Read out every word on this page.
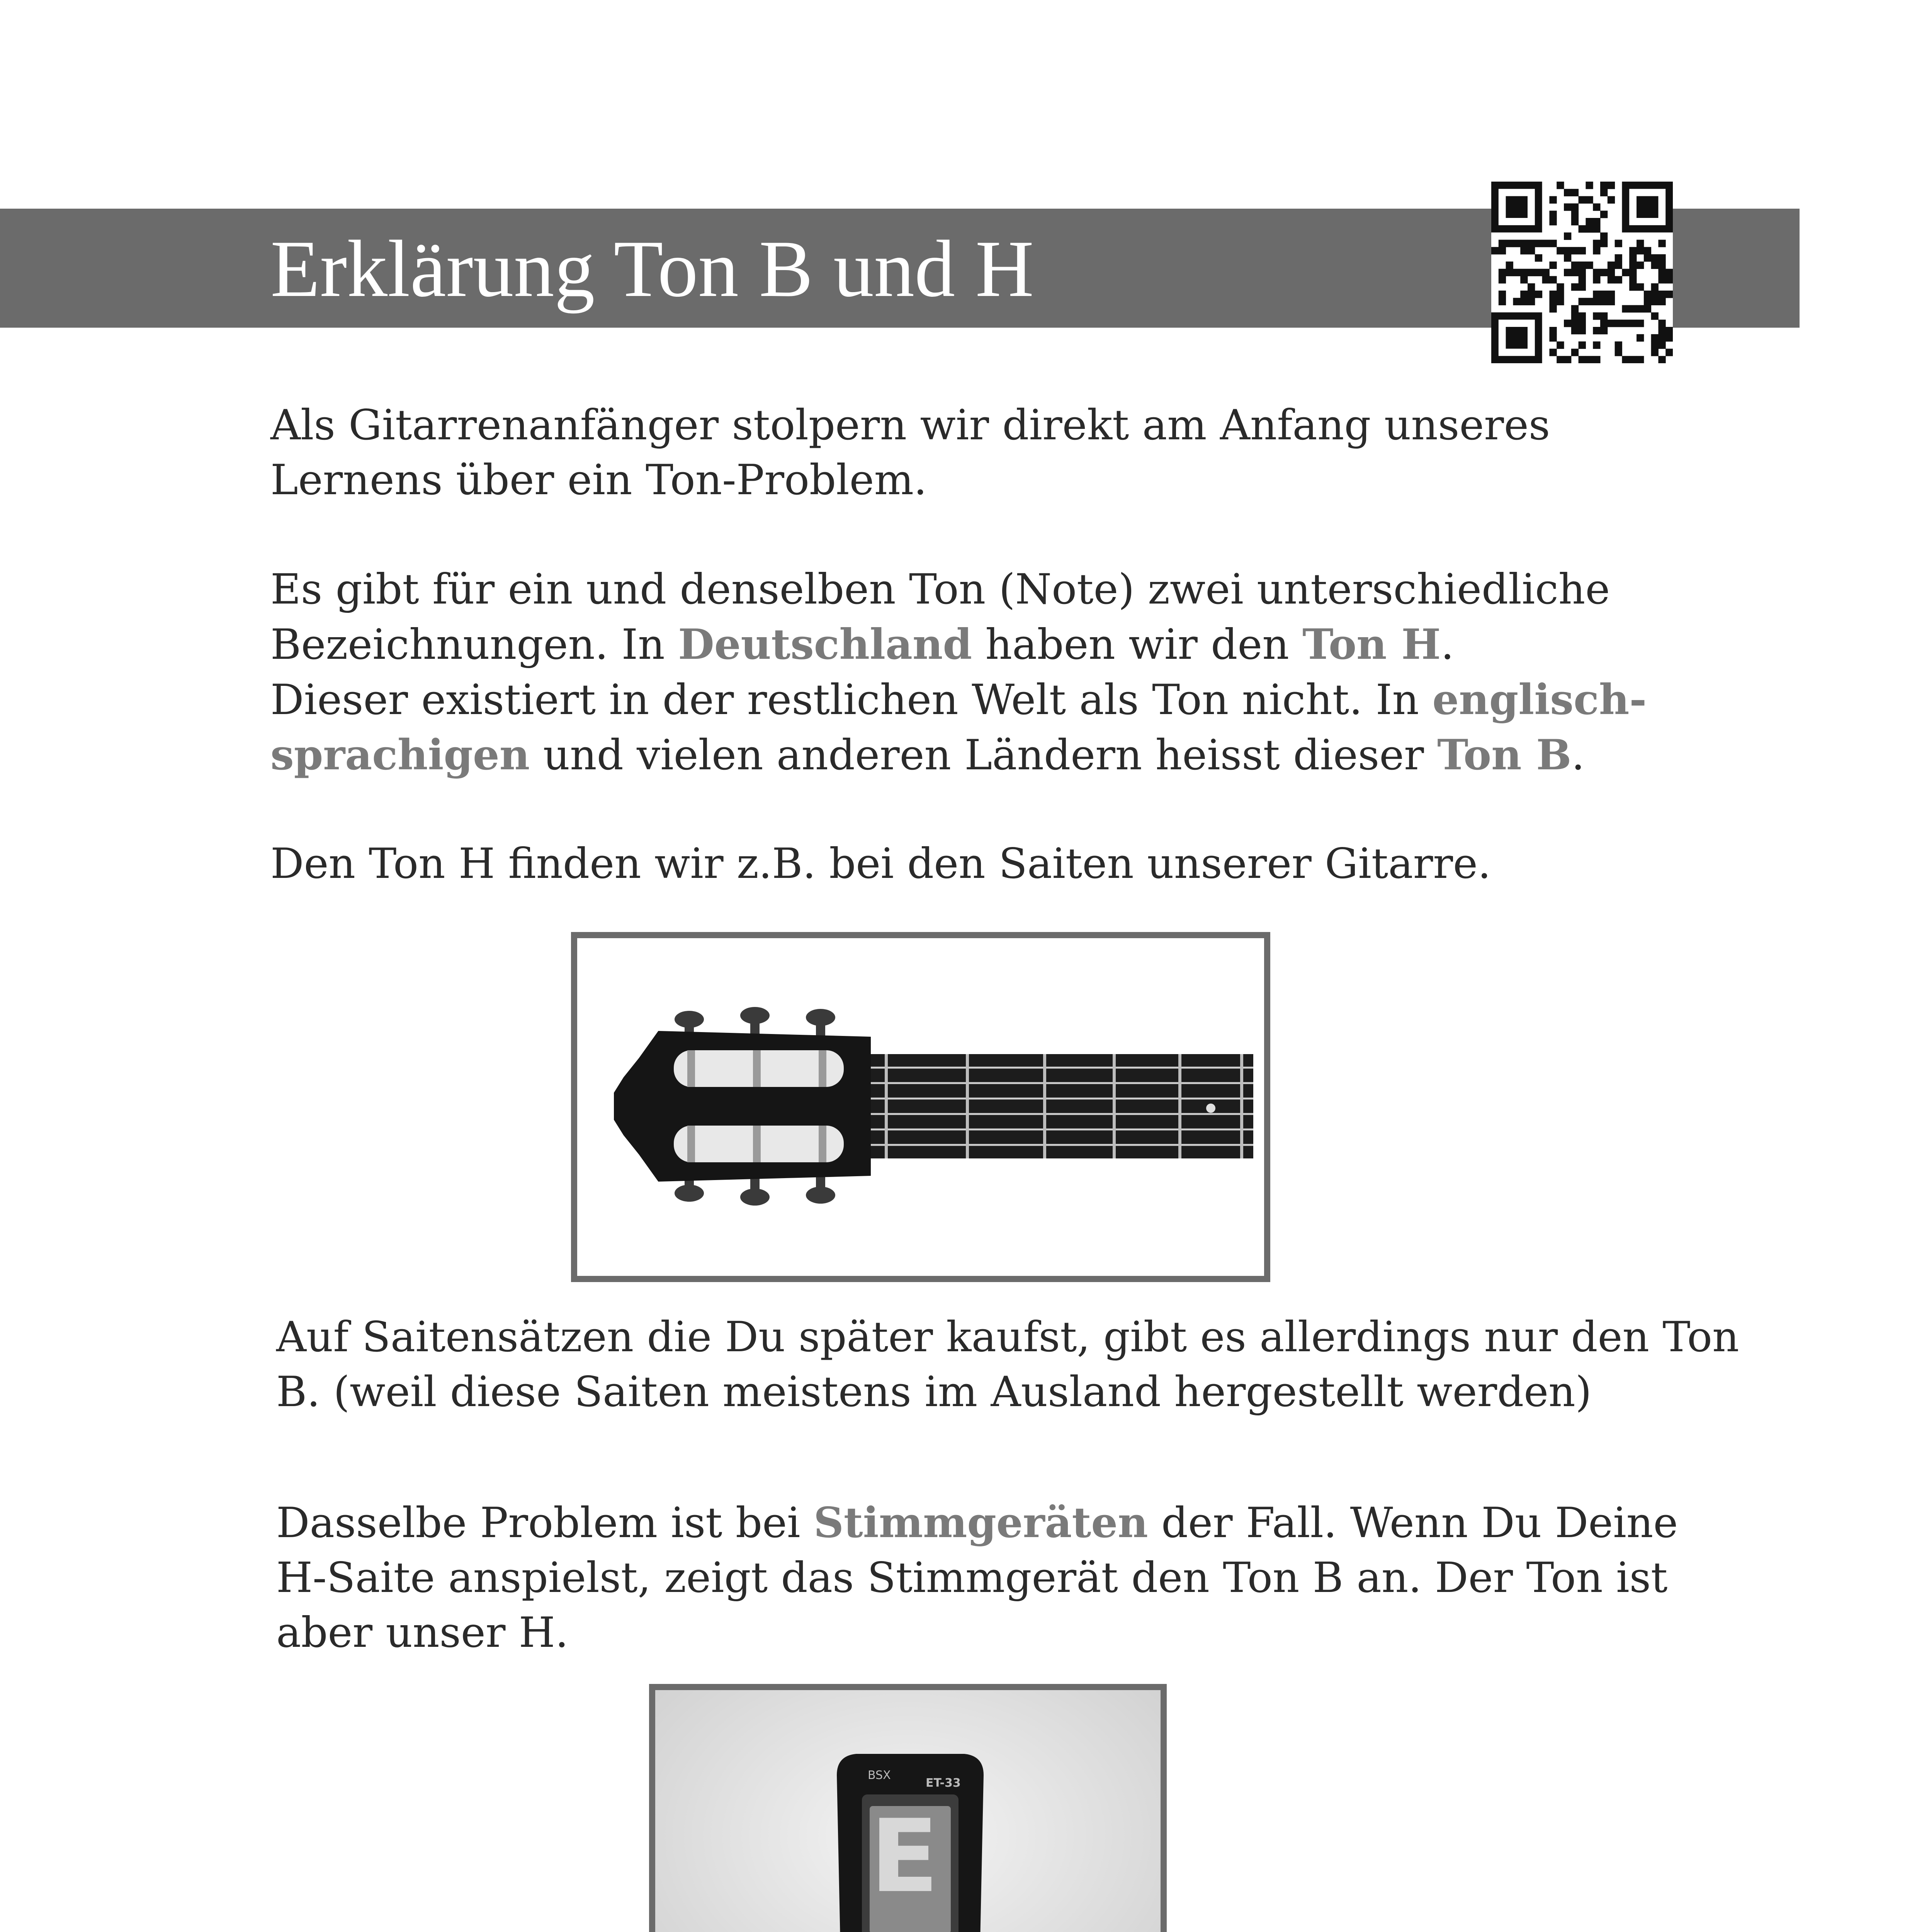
Erklärung Ton B und H
Als Gitarrenanfänger stolpern wir direkt am Anfang unseres
Lernens über ein Ton-Problem.
Es gibt für ein und denselben Ton (Note) zwei unterschiedliche
Bezeichnungen. In Deutschland haben wir den Ton H.
Dieser existiert in der restlichen Welt als Ton nicht. In englisch-
sprachigen und vielen anderen Ländern heisst dieser Ton B.
Den Ton H finden wir z.B. bei den Saiten unserer Gitarre.
Auf Saitensätzen die Du später kaufst, gibt es allerdings nur den Ton
B. (weil diese Saiten meistens im Ausland hergestellt werden)
Dasselbe Problem ist bei Stimmgeräten der Fall. Wenn Du Deine
H-Saite anspielst, zeigt das Stimmgerät den Ton B an. Der Ton ist
aber unser H.
E
BSX
ET-33
